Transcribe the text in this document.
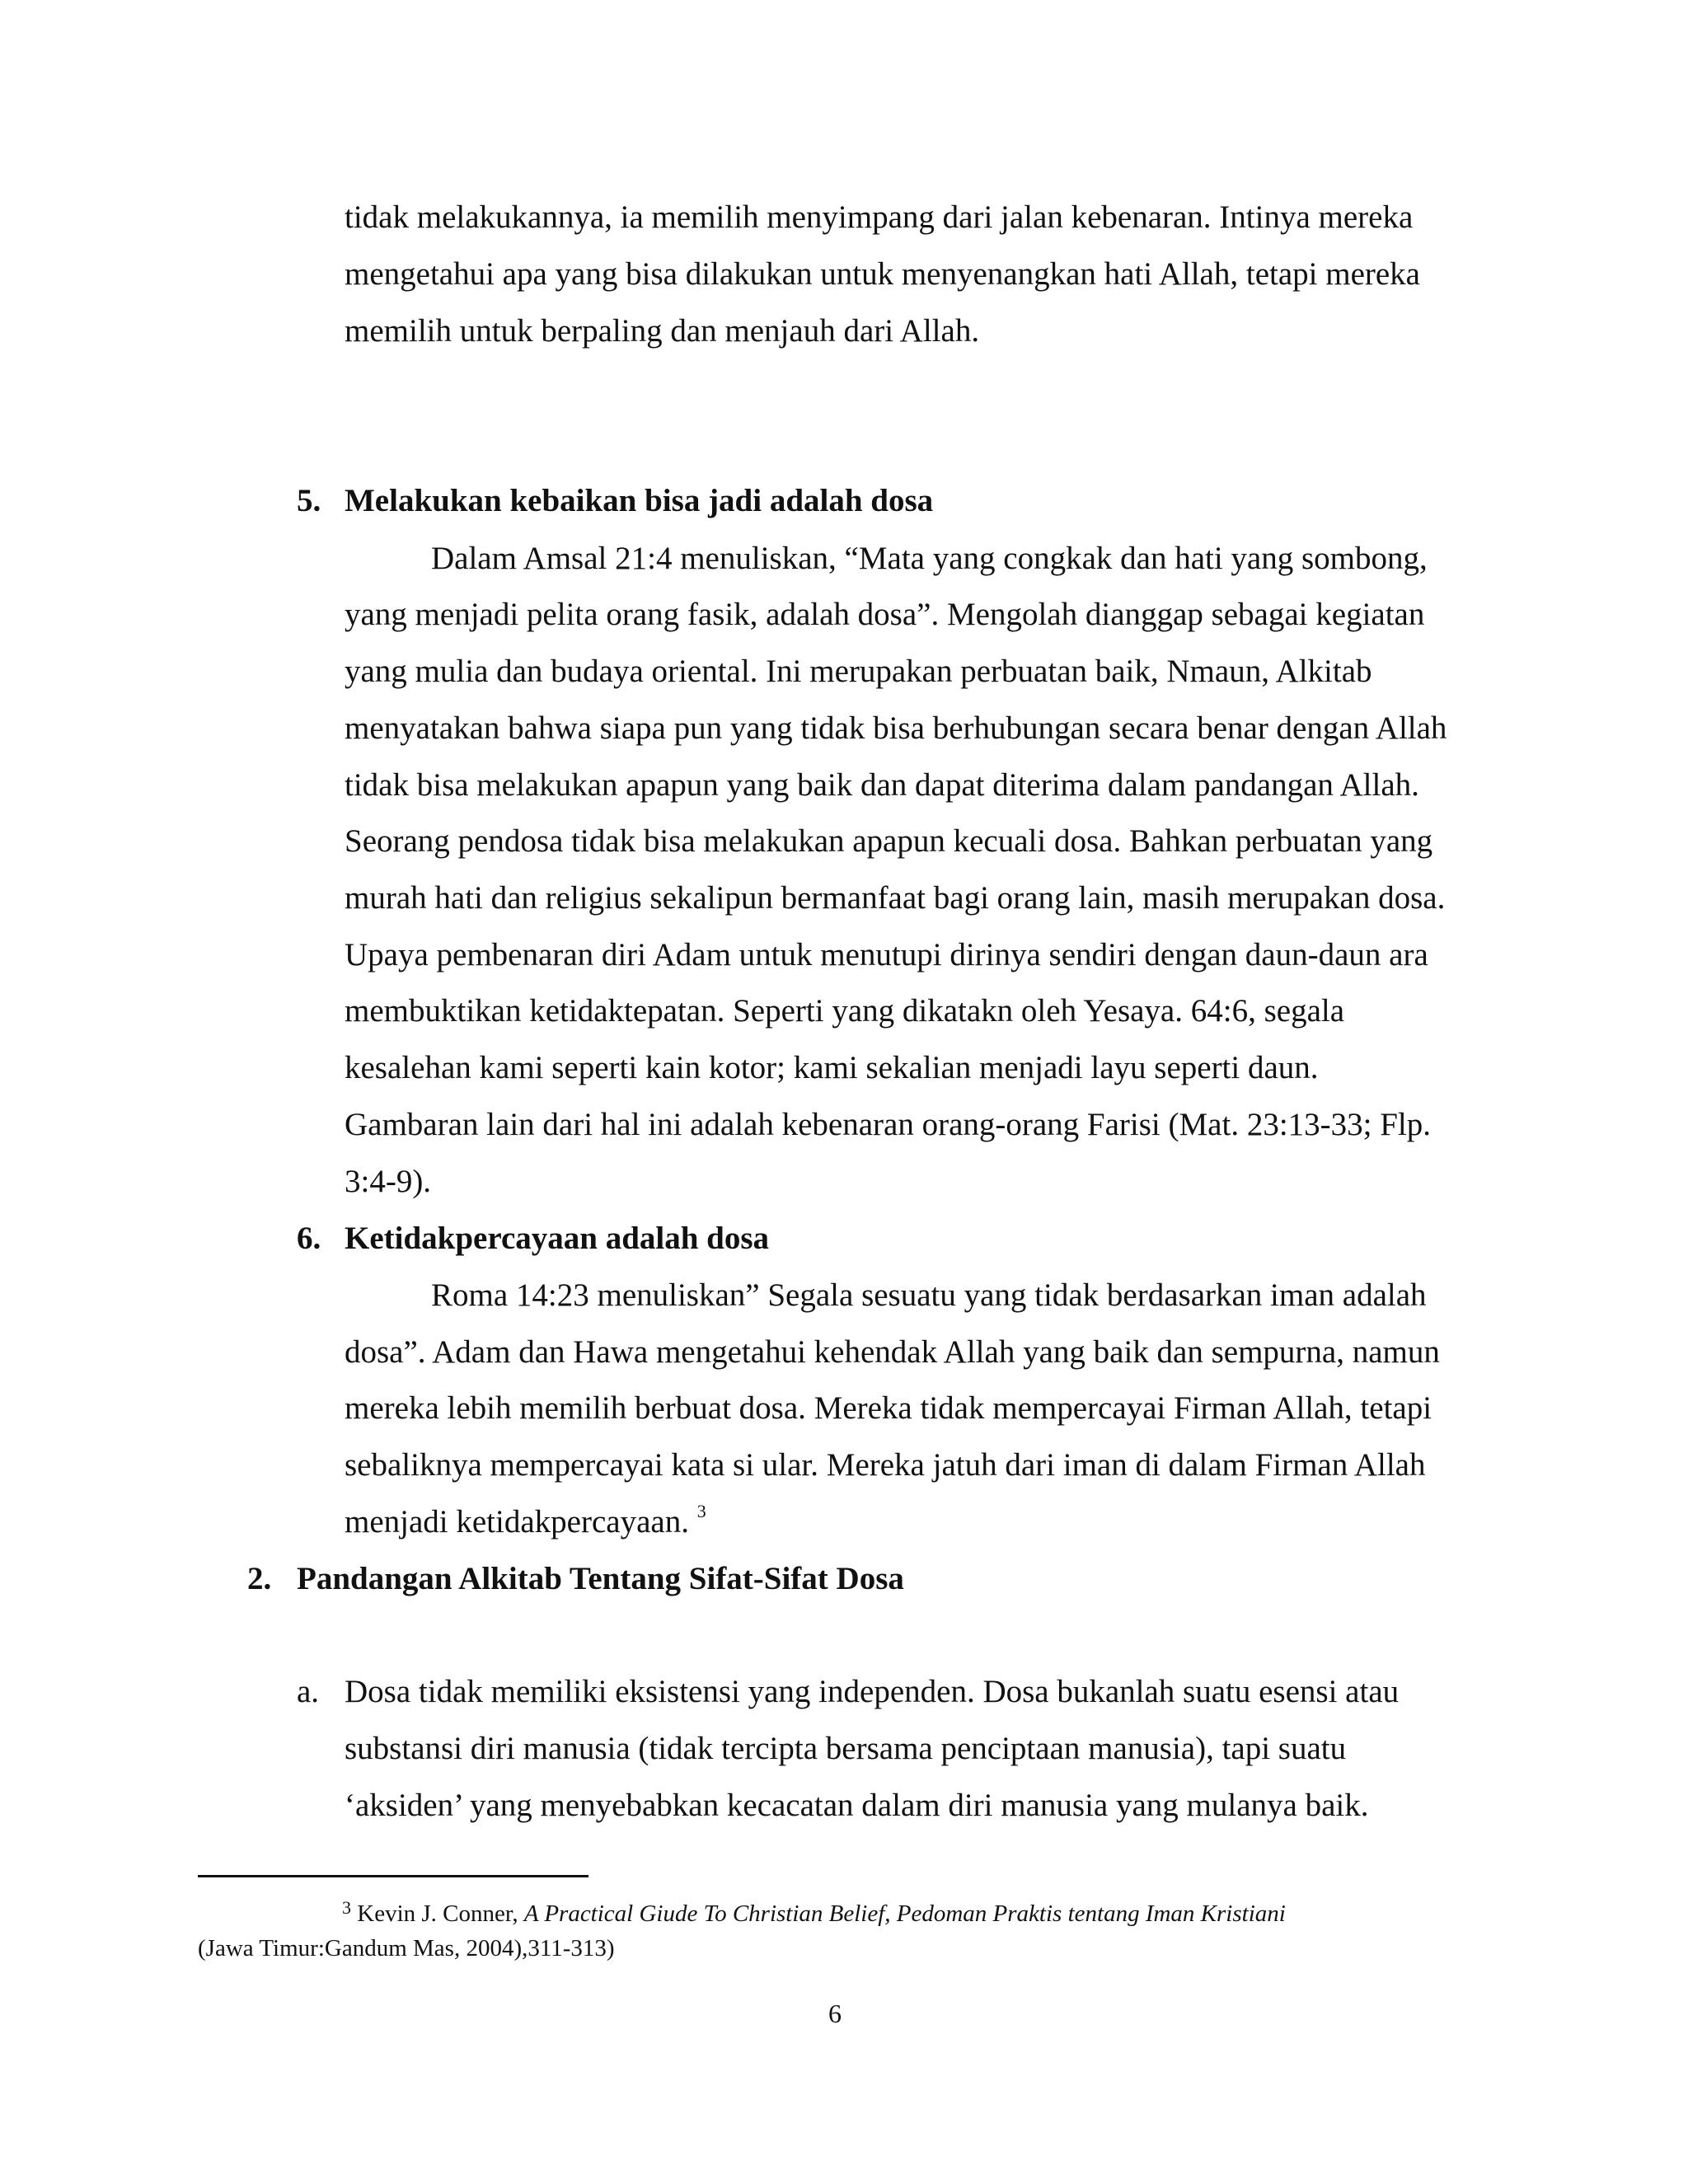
tidak melakukannya, ia memilih menyimpang dari jalan kebenaran. Intinya mereka
mengetahui apa yang bisa dilakukan untuk menyenangkan hati Allah, tetapi mereka
memilih untuk berpaling dan menjauh dari Allah.
5. Melakukan kebaikan bisa jadi adalah dosa
Dalam Amsal 21:4 menuliskan, “Mata yang congkak dan hati yang sombong,
yang menjadi pelita orang fasik, adalah dosa”. Mengolah dianggap sebagai kegiatan
yang mulia dan budaya oriental. Ini merupakan perbuatan baik, Nmaun, Alkitab
menyatakan bahwa siapa pun yang tidak bisa berhubungan secara benar dengan Allah
tidak bisa melakukan apapun yang baik dan dapat diterima dalam pandangan Allah.
Seorang pendosa tidak bisa melakukan apapun kecuali dosa. Bahkan perbuatan yang
murah hati dan religius sekalipun bermanfaat bagi orang lain, masih merupakan dosa.
Upaya pembenaran diri Adam untuk menutupi dirinya sendiri dengan daun-daun ara
membuktikan ketidaktepatan. Seperti yang dikatakn oleh Yesaya. 64:6, segala
kesalehan kami seperti kain kotor; kami sekalian menjadi layu seperti daun.
Gambaran lain dari hal ini adalah kebenaran orang-orang Farisi (Mat. 23:13-33; Flp.
3:4-9).
6. Ketidakpercayaan adalah dosa
Roma 14:23 menuliskan” Segala sesuatu yang tidak berdasarkan iman adalah
dosa”. Adam dan Hawa mengetahui kehendak Allah yang baik dan sempurna, namun
mereka lebih memilih berbuat dosa. Mereka tidak mempercayai Firman Allah, tetapi
sebaliknya mempercayai kata si ular. Mereka jatuh dari iman di dalam Firman Allah
menjadi ketidakpercayaan. $^3$
2. Pandangan Alkitab Tentang Sifat-Sifat Dosa
a. Dosa tidak memiliki eksistensi yang independen. Dosa bukanlah suatu esensi atau
substansi diri manusia (tidak tercipta bersama penciptaan manusia), tapi suatu
‘aksiden’ yang menyebabkan kecacatan dalam diri manusia yang mulanya baik.
$^3$ Kevin J. Conner, A Practical Giude To Christian Belief, Pedoman Praktis tentang Iman Kristiani
(Jawa Timur:Gandum Mas, 2004),311-313)
6
